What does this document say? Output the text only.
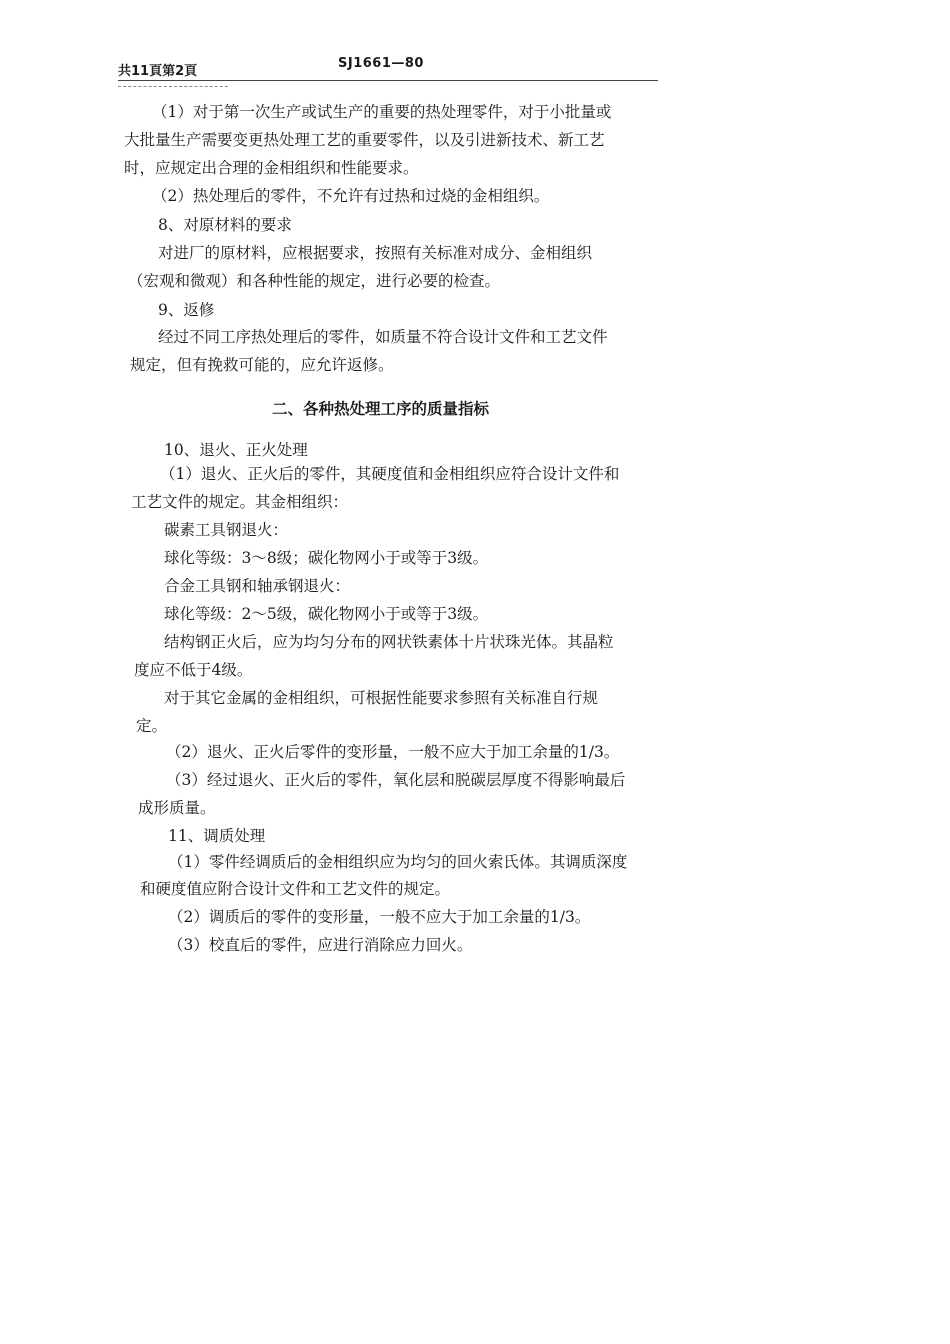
共11頁第2頁
SJ1661—80
（1）对于第一次生产或试生产的重要的热处理零件，对于小批量或
大批量生产需要变更热处理工艺的重要零件，以及引进新技术、新工艺
时，应规定出合理的金相组织和性能要求。
（2）热处理后的零件，不允许有过热和过烧的金相组织。
8、对原材料的要求
对进厂的原材料，应根据要求，按照有关标准对成分、金相组织
（宏观和微观）和各种性能的规定，进行必要的检查。
9、返修
经过不同工序热处理后的零件，如质量不符合设计文件和工艺文件
规定，但有挽救可能的，应允许返修。
二、各种热处理工序的质量指标
10、退火、正火处理
（1）退火、正火后的零件，其硬度值和金相组织应符合设计文件和
工艺文件的规定。其金相组织：
碳素工具钢退火：
球化等级：3～8级；碳化物网小于或等于3级。
合金工具钢和轴承钢退火：
球化等级：2～5级，碳化物网小于或等于3级。
结构钢正火后，应为均匀分布的网状铁素体十片状珠光体。其晶粒
度应不低于4级。
对于其它金属的金相组织，可根据性能要求参照有关标准自行规
定。
（2）退火、正火后零件的变形量，一般不应大于加工余量的1/3。
（3）经过退火、正火后的零件，氧化层和脱碳层厚度不得影响最后
成形质量。
11、调质处理
（1）零件经调质后的金相组织应为均匀的回火索氏体。其调质深度
和硬度值应附合设计文件和工艺文件的规定。
（2）调质后的零件的变形量，一般不应大于加工余量的1/3。
（3）校直后的零件，应进行消除应力回火。
